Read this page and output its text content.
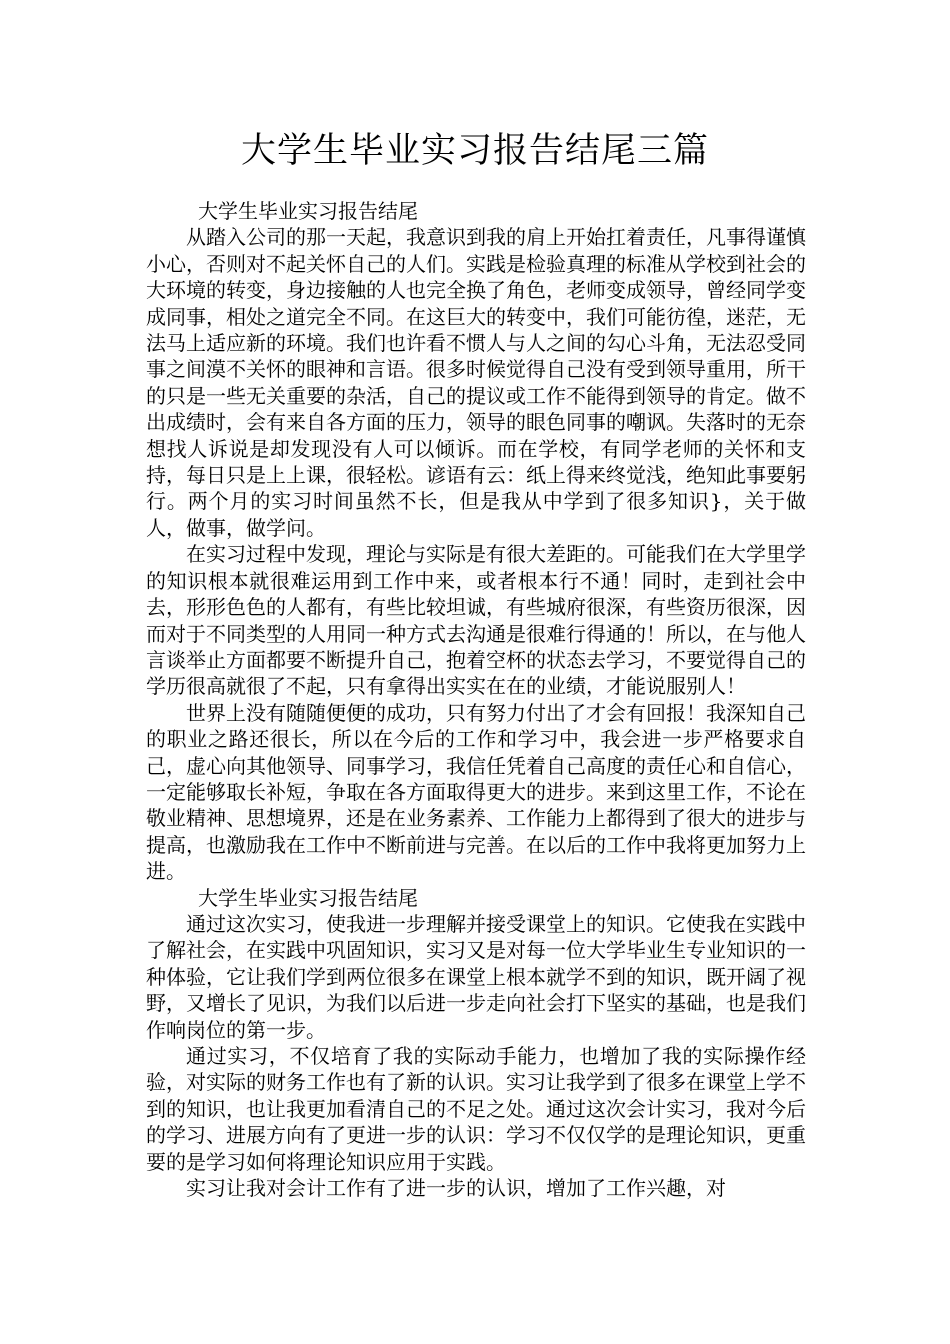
大学生毕业实习报告结尾三篇

大学生毕业实习报告结尾

从踏入公司的那一天起，我意识到我的肩上开始扛着责任，凡事得谨慎小心，否则对不起关怀自己的人们。实践是检验真理的标准从学校到社会的大环境的转变，身边接触的人也完全换了角色，老师变成领导，曾经同学变成同事，相处之道完全不同。在这巨大的转变中，我们可能彷徨，迷茫，无法马上适应新的环境。我们也许看不惯人与人之间的勾心斗角，无法忍受同事之间漠不关怀的眼神和言语。很多时候觉得自己没有受到领导重用，所干的只是一些无关重要的杂活，自己的提议或工作不能得到领导的肯定。做不出成绩时，会有来自各方面的压力，领导的眼色同事的嘲讽。失落时的无奈想找人诉说是却发现没有人可以倾诉。而在学校，有同学老师的关怀和支持，每日只是上上课，很轻松。谚语有云：纸上得来终觉浅，绝知此事要躬行。两个月的实习时间虽然不长，但是我从中学到了很多知识}，关于做人，做事，做学问。

在实习过程中发现，理论与实际是有很大差距的。可能我们在大学里学的知识根本就很难运用到工作中来，或者根本行不通！同时，走到社会中去，形形色色的人都有，有些比较坦诚，有些城府很深，有些资历很深，因而对于不同类型的人用同一种方式去沟通是很难行得通的！所以，在与他人言谈举止方面都要不断提升自己，抱着空杯的状态去学习，不要觉得自己的学历很高就很了不起，只有拿得出实实在在的业绩，才能说服别人！

世界上没有随随便便的成功，只有努力付出了才会有回报！我深知自己的职业之路还很长，所以在今后的工作和学习中，我会进一步严格要求自己，虚心向其他领导、同事学习，我信任凭着自己高度的责任心和自信心，一定能够取长补短，争取在各方面取得更大的进步。来到这里工作，不论在敬业精神、思想境界，还是在业务素养、工作能力上都得到了很大的进步与提高，也激励我在工作中不断前进与完善。在以后的工作中我将更加努力上进。

大学生毕业实习报告结尾

通过这次实习，使我进一步理解并接受课堂上的知识。它使我在实践中了解社会，在实践中巩固知识，实习又是对每一位大学毕业生专业知识的一种体验，它让我们学到两位很多在课堂上根本就学不到的知识，既开阔了视野，又增长了见识，为我们以后进一步走向社会打下坚实的基础，也是我们作响岗位的第一步。

通过实习，不仅培育了我的实际动手能力，也增加了我的实际操作经验，对实际的财务工作也有了新的认识。实习让我学到了很多在课堂上学不到的知识，也让我更加看清自己的不足之处。通过这次会计实习，我对今后的学习、进展方向有了更进一步的认识：学习不仅仅学的是理论知识，更重要的是学习如何将理论知识应用于实践。

实习让我对会计工作有了进一步的认识，增加了工作兴趣，对
